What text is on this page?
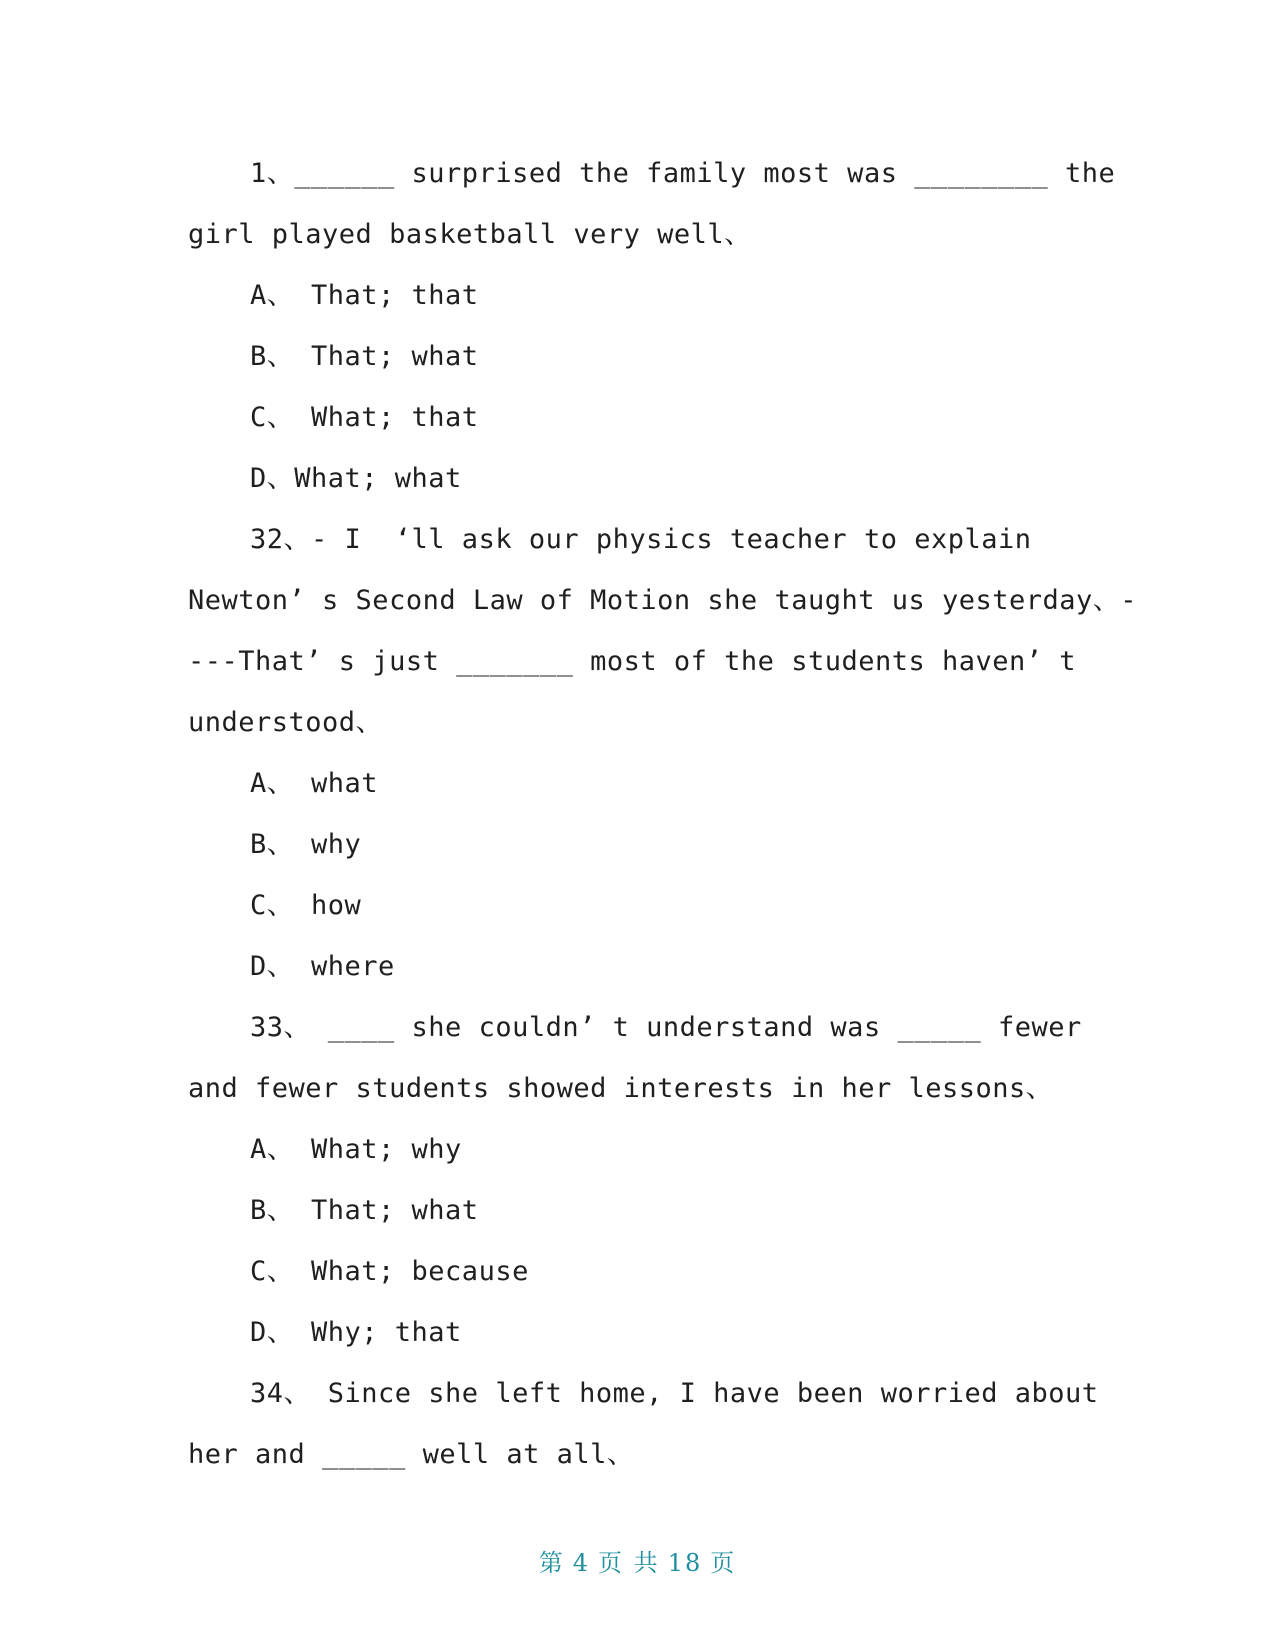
1、______ surprised the family most was ________ the
girl played basketball very well、
A、 That; that
B、 That; what
C、 What; that
D、What; what
32、- I  ‘ll ask our physics teacher to explain
Newton’ s Second Law of Motion she taught us yesterday、-
---That’ s just _______ most of the students haven’ t
understood、
A、 what
B、 why
C、 how
D、 where
33、 ____ she couldn’ t understand was _____ fewer
and fewer students showed interests in her lessons、
A、 What; why
B、 That; what
C、 What; because
D、 Why; that
34、 Since she left home, I have been worried about
her and _____ well at all、
第 4 页 共 18 页
